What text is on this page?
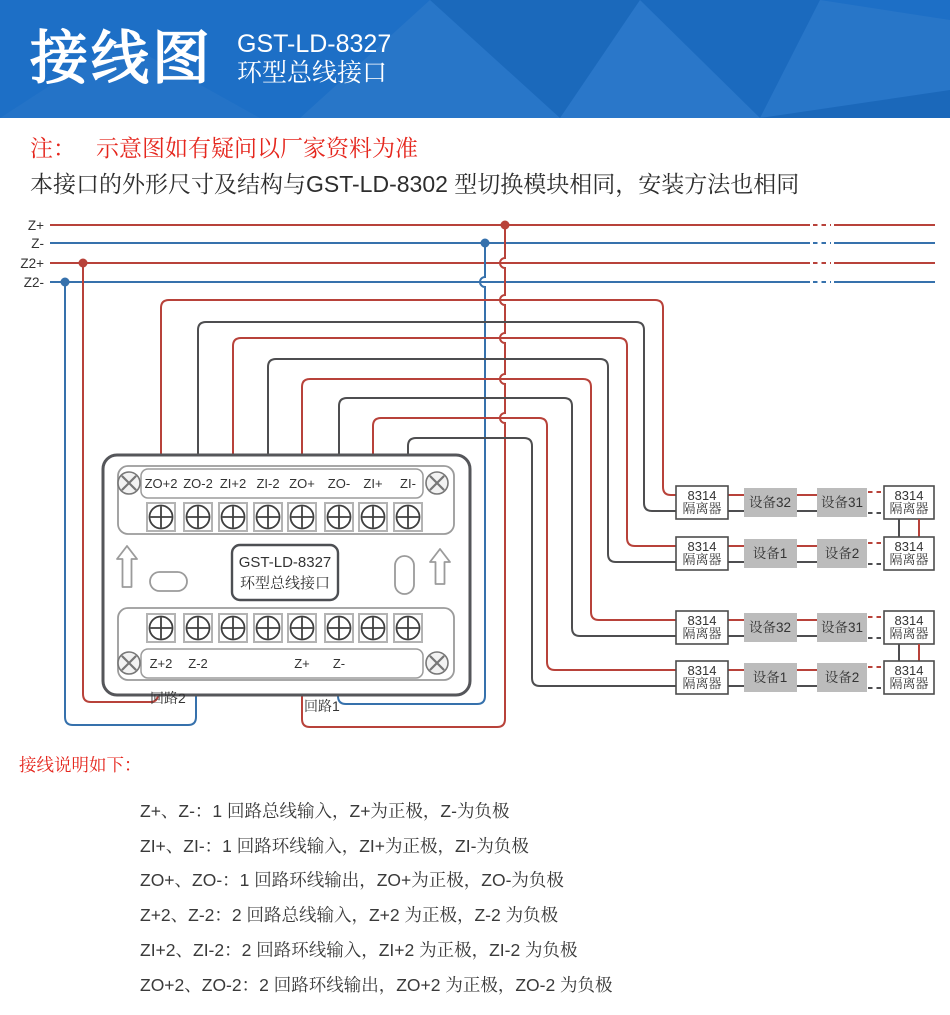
接线图 GST-LD-8327
环型总线接口

注： 示意图如有疑问以厂家资料为准

本接口的外形尺寸及结构与GST-LD-8302 型切换模块相同，安装方法也相同

Z+
Z-
Z2+
Z2-
ZO+2 ZO-2 ZI+2 ZI-2 ZO+ ZO- ZI+ ZI-
GST-LD-8327
环型总线接口
Z+2 Z-2	Z+ Z-
回路2	回路1
8314
隔离器 设备32 设备31 8314
隔离器
8314
隔离器 设备1	设备2	8314
隔离器
8314
隔离器 设备32 设备31 8314
隔离器
8314
隔离器 设备1	设备2	8314
隔离器

接线说明如下：

Z+、Z-：1 回路总线输入，Z+为正极，Z-为负极

ZI+、ZI-：1 回路环线输入，ZI+为正极，ZI-为负极

ZO+、ZO-：1 回路环线输出，ZO+为正极，ZO-为负极

Z+2、Z-2：2 回路总线输入，Z+2 为正极，Z-2 为负极

ZI+2、ZI-2：2 回路环线输入，ZI+2 为正极，ZI-2 为负极

ZO+2、ZO-2：2 回路环线输出，ZO+2 为正极，ZO-2 为负极
